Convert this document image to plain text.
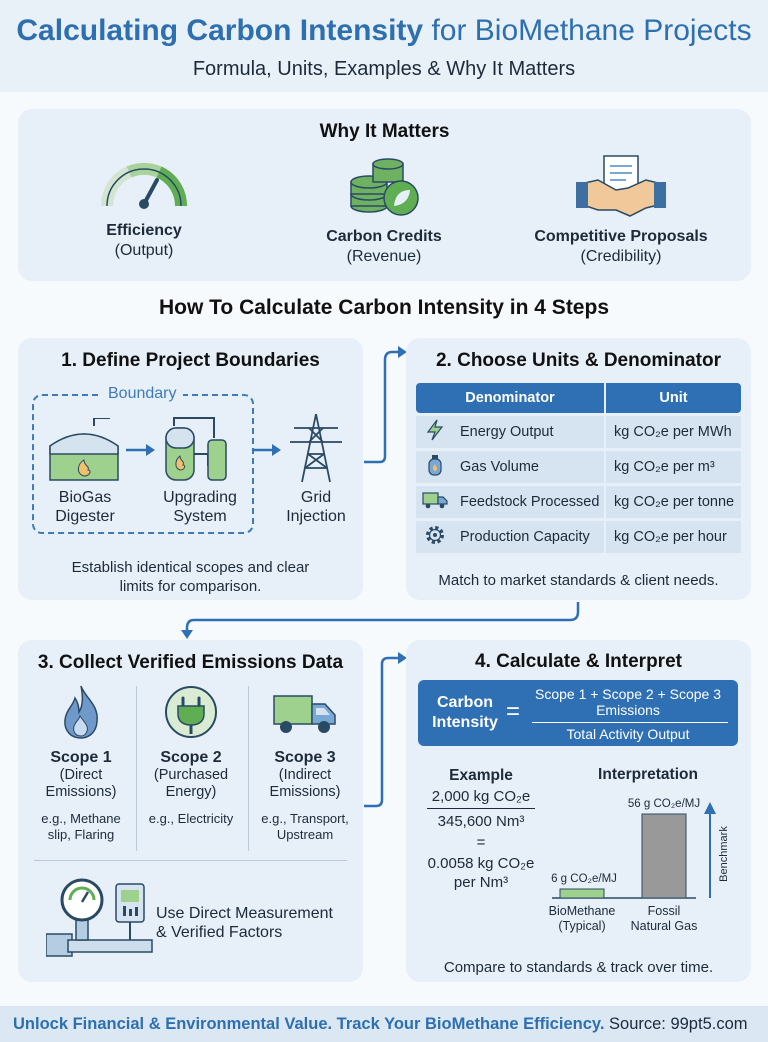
Calculating Carbon Intensity for BioMethane Projects
Formula, Units, Examples & Why It Matters
Why It Matters
Efficiency
(Output)
Carbon Credits
(Revenue)
Competitive Proposals
(Credibility)
How To Calculate Carbon Intensity in 4 Steps
1. Define Project Boundaries
Boundary
BioGas
Digester
Upgrading
System
Grid
Injection
Establish identical scopes and clear
limits for comparison.
2. Choose Units & Denominator
Denominator	Unit
Energy Output	kg CO₂e per MWh
Gas Volume	kg CO₂e per m³
Feedstock Processed	kg CO₂e per tonne
Production Capacity	kg CO₂e per hour
Match to market standards & client needs.
3. Collect Verified Emissions Data
Scope 1
(Direct
Emissions)
e.g., Methane
slip, Flaring
Scope 2
(Purchased
Energy)
e.g., Electricity
Scope 3
(Indirect
Emissions)
e.g., Transport,
Upstream
Use Direct Measurement
& Verified Factors
4. Calculate & Interpret
Carbon
Intensity =
Scope 1 + Scope 2 + Scope 3
Emissions
Total Activity Output
Example
2,000 kg CO₂e
345,600 Nm³
=
0.0058 kg CO₂e
per Nm³
Interpretation
6 g CO₂e/MJ
BioMethane
(Typical)
56 g CO₂e/MJ
Fossil
Natural Gas
Benchmark
Compare to standards & track over time.
Unlock Financial & Environmental Value. Track Your BioMethane Efficiency. Source: 99pt5.com
